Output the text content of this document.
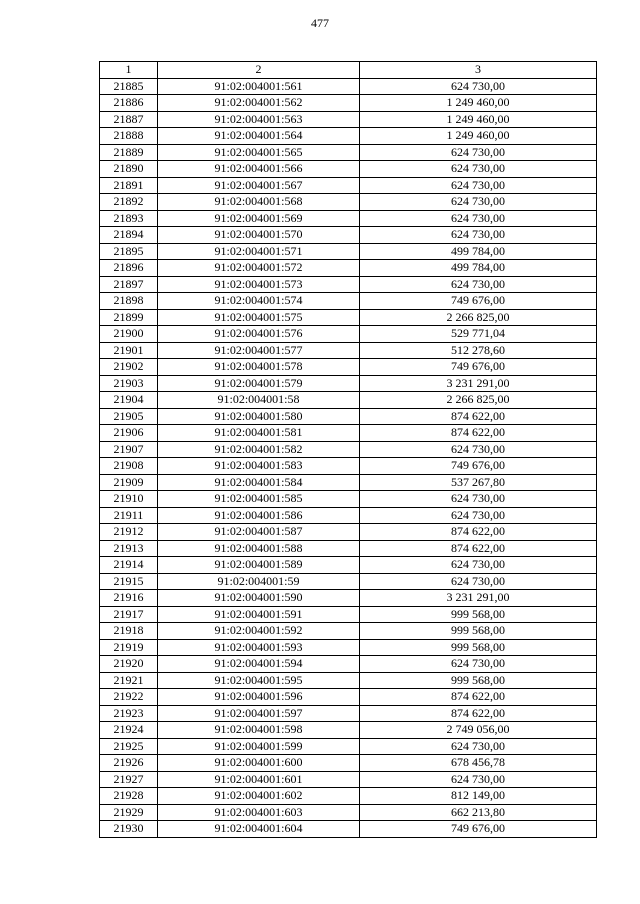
477
1	2	3
21885	91:02:004001:561	624 730,00
21886	91:02:004001:562	1 249 460,00
21887	91:02:004001:563	1 249 460,00
21888	91:02:004001:564	1 249 460,00
21889	91:02:004001:565	624 730,00
21890	91:02:004001:566	624 730,00
21891	91:02:004001:567	624 730,00
21892	91:02:004001:568	624 730,00
21893	91:02:004001:569	624 730,00
21894	91:02:004001:570	624 730,00
21895	91:02:004001:571	499 784,00
21896	91:02:004001:572	499 784,00
21897	91:02:004001:573	624 730,00
21898	91:02:004001:574	749 676,00
21899	91:02:004001:575	2 266 825,00
21900	91:02:004001:576	529 771,04
21901	91:02:004001:577	512 278,60
21902	91:02:004001:578	749 676,00
21903	91:02:004001:579	3 231 291,00
21904	91:02:004001:58	2 266 825,00
21905	91:02:004001:580	874 622,00
21906	91:02:004001:581	874 622,00
21907	91:02:004001:582	624 730,00
21908	91:02:004001:583	749 676,00
21909	91:02:004001:584	537 267,80
21910	91:02:004001:585	624 730,00
21911	91:02:004001:586	624 730,00
21912	91:02:004001:587	874 622,00
21913	91:02:004001:588	874 622,00
21914	91:02:004001:589	624 730,00
21915	91:02:004001:59	624 730,00
21916	91:02:004001:590	3 231 291,00
21917	91:02:004001:591	999 568,00
21918	91:02:004001:592	999 568,00
21919	91:02:004001:593	999 568,00
21920	91:02:004001:594	624 730,00
21921	91:02:004001:595	999 568,00
21922	91:02:004001:596	874 622,00
21923	91:02:004001:597	874 622,00
21924	91:02:004001:598	2 749 056,00
21925	91:02:004001:599	624 730,00
21926	91:02:004001:600	678 456,78
21927	91:02:004001:601	624 730,00
21928	91:02:004001:602	812 149,00
21929	91:02:004001:603	662 213,80
21930	91:02:004001:604	749 676,00
